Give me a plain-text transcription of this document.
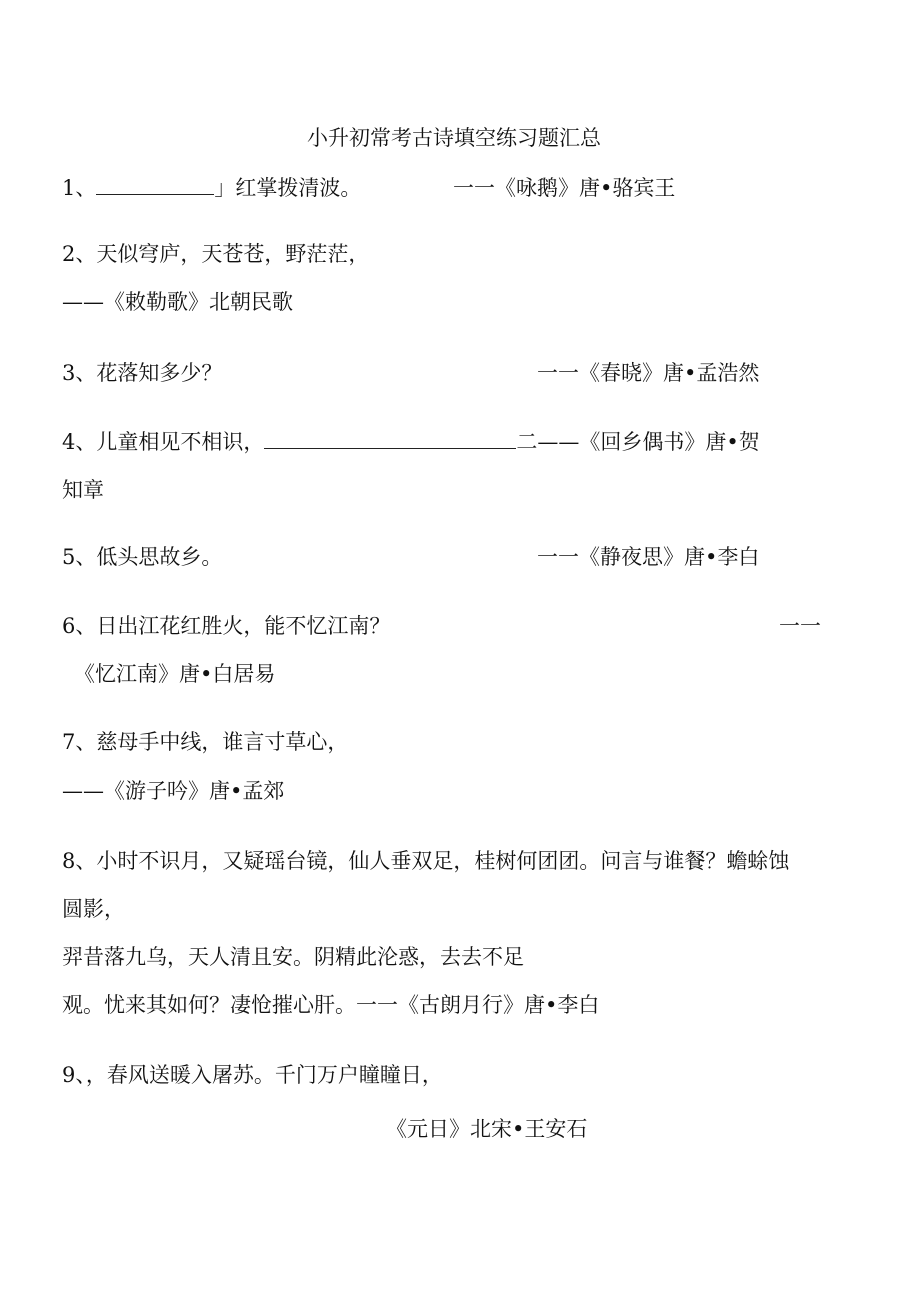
小升初常考古诗填空练习题汇总
1、	」红掌拨清波。	一一《咏鹅》唐•骆宾王
2、天似穹庐，天苍苍，野茫茫，
——《敕勒歌》北朝民歌
3、花落知多少？	一一《春晓》唐•孟浩然
4、儿童相见不相识，	二——《回乡偶书》唐•贺
知章
5、低头思故乡。	一一《静夜思》唐•李白
6、日出江花红胜火，能不忆江南？	一一
《忆江南》唐•白居易
7、慈母手中线，谁言寸草心，
——《游子吟》唐•孟郊
8、小时不识月，又疑瑶台镜，仙人垂双足，桂树何团团。问言与谁餐？蟾蜍蚀
圆影，
羿昔落九乌，天人清且安。阴精此沦惑，去去不足
观。忧来其如何？凄怆摧心肝。一一《古朗月行》唐•李白
9、，春风送暖入屠苏。千门万户瞳瞳日，
《元日》北宋•王安石
